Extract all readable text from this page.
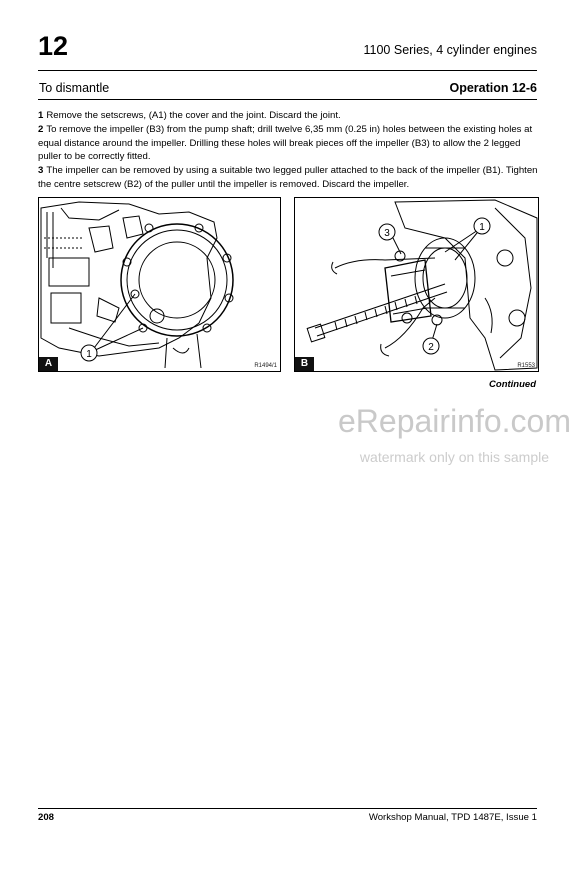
12	1100 Series, 4 cylinder engines
To dismantle	Operation 12-6

1 Remove the setscrews, (A1) the cover and the joint. Discard the joint.

2 To remove the impeller (B3) from the pump shaft; drill twelve 6,35 mm (0.25 in) holes between the existing holes at equal distance around the impeller. Drilling these holes will break pieces off the impeller (B3) to allow the 2 legged puller to be correctly fitted.

3 The impeller can be removed by using a suitable two legged puller attached to the back of the impeller (B1). Tighten the centre setscrew (B2) of the puller until the impeller is removed. Discard the impeller.

1
A	R1494/1
3
1
2
B	R1553
Continued
eRepairinfo.com
watermark only on this sample
208	Workshop Manual, TPD 1487E, Issue 1
